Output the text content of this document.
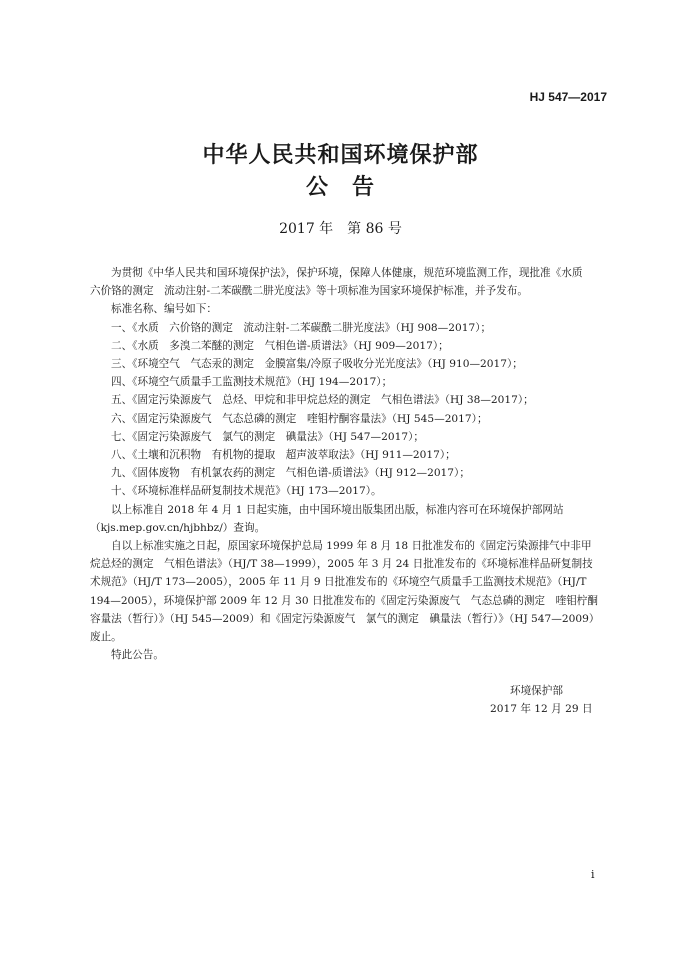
HJ 547—2017
中华人民共和国环境保护部
公　告
2017 年　第 86 号

为贯彻《中华人民共和国环境保护法》，保护环境，保障人体健康，规范环境监测工作，现批准《水质　六价铬的测定　流动注射-二苯碳酰二肼光度法》等十项标准为国家环境保护标准，并予发布。

标准名称、编号如下：

一、《水质　六价铬的测定　流动注射-二苯碳酰二肼光度法》（HJ 908—2017）；

二、《水质　多溴二苯醚的测定　气相色谱-质谱法》（HJ 909—2017）；

三、《环境空气　气态汞的测定　金膜富集/冷原子吸收分光光度法》（HJ 910—2017）；

四、《环境空气质量手工监测技术规范》（HJ 194—2017）；

五、《固定污染源废气　总烃、甲烷和非甲烷总烃的测定　气相色谱法》（HJ 38—2017）；

六、《固定污染源废气　气态总磷的测定　喹钼柠酮容量法》（HJ 545—2017）；

七、《固定污染源废气　氯气的测定　碘量法》（HJ 547—2017）；

八、《土壤和沉积物　有机物的提取　超声波萃取法》（HJ 911—2017）；

九、《固体废物　有机氯农药的测定　气相色谱-质谱法》（HJ 912—2017）；

十、《环境标准样品研复制技术规范》（HJ 173—2017）。

以上标准自 2018 年 4 月 1 日起实施，由中国环境出版集团出版，标准内容可在环境保护部网站（kjs.mep.gov.cn/hjbhbz/）查询。

自以上标准实施之日起，原国家环境保护总局 1999 年 8 月 18 日批准发布的《固定污染源排气中非甲烷总烃的测定　气相色谱法》（HJ/T 38—1999），2005 年 3 月 24 日批准发布的《环境标准样品研复制技术规范》（HJ/T 173—2005），2005 年 11 月 9 日批准发布的《环境空气质量手工监测技术规范》（HJ/T 194—2005），环境保护部 2009 年 12 月 30 日批准发布的《固定污染源废气　气态总磷的测定　喹钼柠酮容量法（暂行）》（HJ 545—2009）和《固定污染源废气　氯气的测定　碘量法（暂行）》（HJ 547—2009）废止。

特此公告。

环境保护部
2017 年 12 月 29 日
i
